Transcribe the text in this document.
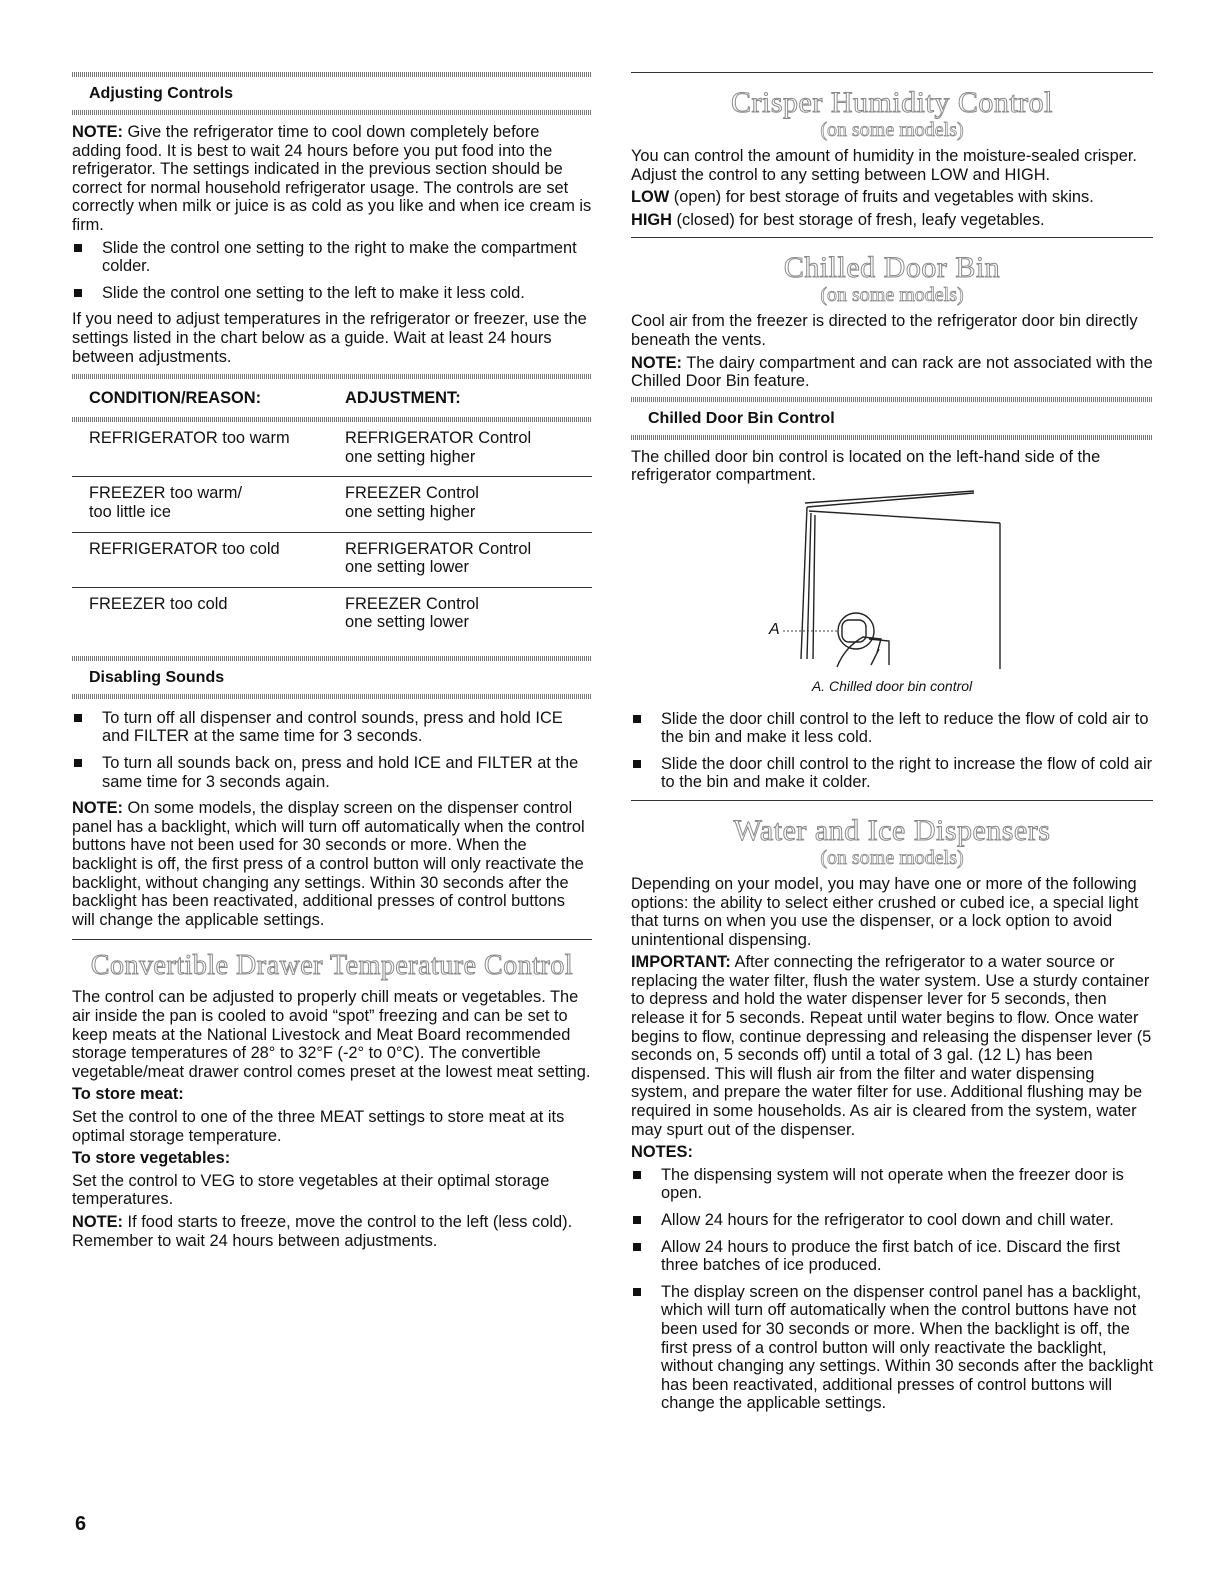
Adjusting Controls

NOTE: Give the refrigerator time to cool down completely before adding food. It is best to wait 24 hours before you put food into the refrigerator. The settings indicated in the previous section should be correct for normal household refrigerator usage. The controls are set correctly when milk or juice is as cold as you like and when ice cream is firm.

Slide the control one setting to the right to make the compartment colder.
Slide the control one setting to the left to make it less cold.

If you need to adjust temperatures in the refrigerator or freezer, use the settings listed in the chart below as a guide. Wait at least 24 hours between adjustments.

CONDITION/REASON:	ADJUSTMENT:
REFRIGERATOR too warm	REFRIGERATOR Control
one setting higher
FREEZER too warm/
too little ice	FREEZER Control
one setting higher
REFRIGERATOR too cold	REFRIGERATOR Control
one setting lower
FREEZER too cold	FREEZER Control
one setting lower
Disabling Sounds
To turn off all dispenser and control sounds, press and hold ICE and FILTER at the same time for 3 seconds.
To turn all sounds back on, press and hold ICE and FILTER at the same time for 3 seconds again.

NOTE: On some models, the display screen on the dispenser control panel has a backlight, which will turn off automatically when the control buttons have not been used for 30 seconds or more. When the backlight is off, the first press of a control button will only reactivate the backlight, without changing any settings. Within 30 seconds after the backlight has been reactivated, additional presses of control buttons will change the applicable settings.

Convertible Drawer Temperature Control

The control can be adjusted to properly chill meats or vegetables. The air inside the pan is cooled to avoid “spot” freezing and can be set to keep meats at the National Livestock and Meat Board recommended storage temperatures of 28° to 32°F (-2° to 0°C). The convertible vegetable/meat drawer control comes preset at the lowest meat setting.

To store meat:

Set the control to one of the three MEAT settings to store meat at its optimal storage temperature.

To store vegetables:

Set the control to VEG to store vegetables at their optimal storage temperatures.

NOTE: If food starts to freeze, move the control to the left (less cold). Remember to wait 24 hours between adjustments.

Crisper Humidity Control
(on some models)

You can control the amount of humidity in the moisture-sealed crisper. Adjust the control to any setting between LOW and HIGH.

LOW (open) for best storage of fruits and vegetables with skins.

HIGH (closed) for best storage of fresh, leafy vegetables.

Chilled Door Bin
(on some models)

Cool air from the freezer is directed to the refrigerator door bin directly beneath the vents.

NOTE: The dairy compartment and can rack are not associated with the Chilled Door Bin feature.

Chilled Door Bin Control

The chilled door bin control is located on the left-hand side of the refrigerator compartment.

A

A. Chilled door bin control

Slide the door chill control to the left to reduce the flow of cold air to the bin and make it less cold.
Slide the door chill control to the right to increase the flow of cold air to the bin and make it colder.
Water and Ice Dispensers
(on some models)

Depending on your model, you may have one or more of the following options: the ability to select either crushed or cubed ice, a special light that turns on when you use the dispenser, or a lock option to avoid unintentional dispensing.

IMPORTANT: After connecting the refrigerator to a water source or replacing the water filter, flush the water system. Use a sturdy container to depress and hold the water dispenser lever for 5 seconds, then release it for 5 seconds. Repeat until water begins to flow. Once water begins to flow, continue depressing and releasing the dispenser lever (5 seconds on, 5 seconds off) until a total of 3 gal. (12 L) has been dispensed. This will flush air from the filter and water dispensing system, and prepare the water filter for use. Additional flushing may be required in some households. As air is cleared from the system, water may spurt out of the dispenser.

NOTES:

The dispensing system will not operate when the freezer door is open.
Allow 24 hours for the refrigerator to cool down and chill water.
Allow 24 hours to produce the first batch of ice. Discard the first three batches of ice produced.
The display screen on the dispenser control panel has a backlight, which will turn off automatically when the control buttons have not been used for 30 seconds or more. When the backlight is off, the first press of a control button will only reactivate the backlight, without changing any settings. Within 30 seconds after the backlight has been reactivated, additional presses of control buttons will change the applicable settings.
6
